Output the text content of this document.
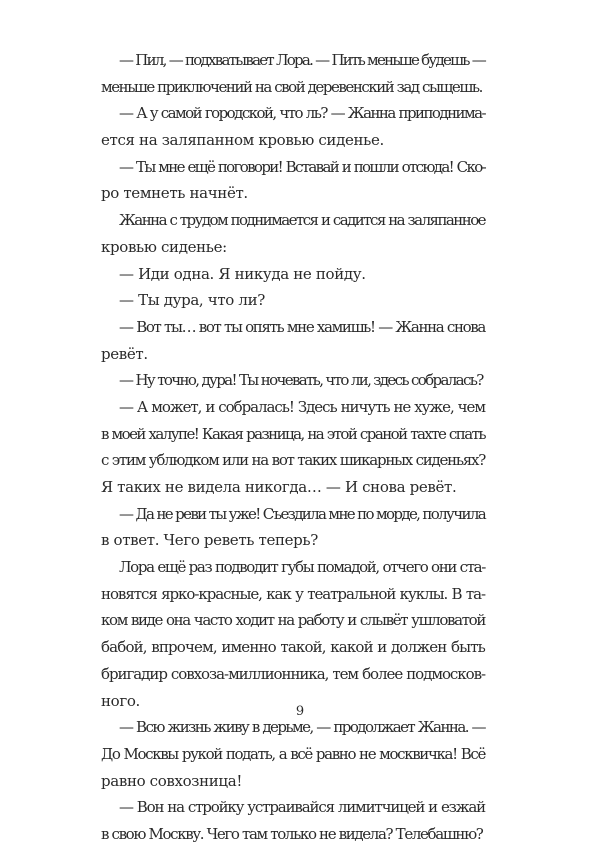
— Пил, — подхватывает Лора. — Пить меньше будешь —
меньше приключений на свой деревенский зад сыщешь.
— А у самой городской, что ль? — Жанна приподнима-
ется на заляпанном кровью сиденье.
— Ты мне ещё поговори! Вставай и пошли отсюда! Ско-
ро темнеть начнёт.
Жанна с трудом поднимается и садится на заляпанное
кровью сиденье:
— Иди одна. Я никуда не пойду.
— Ты дура, что ли?
— Вот ты… вот ты опять мне хамишь! — Жанна снова
ревёт.
— Ну точно, дура! Ты ночевать, что ли, здесь собралась?
— А может, и собралась! Здесь ничуть не хуже, чем
в моей халупе! Какая разница, на этой сраной тахте спать
с этим ублюдком или на вот таких шикарных сиденьях?
Я таких не видела никогда… — И снова ревёт.
— Да не реви ты уже! Съездила мне по морде, получила
в ответ. Чего реветь теперь?
Лора ещё раз подводит губы помадой, отчего они ста-
новятся ярко-красные, как у театральной куклы. В та-
ком виде она часто ходит на работу и слывёт ушловатой
бабой, впрочем, именно такой, какой и должен быть
бригадир совхоза-миллионника, тем более подмосков-
ного.
— Всю жизнь живу в дерьме, — продолжает Жанна. —
До Москвы рукой подать, а всё равно не москвичка! Всё
равно совхозница!
— Вон на стройку устраивайся лимитчицей и езжай
в свою Москву. Чего там только не видела? Телебашню?
9
